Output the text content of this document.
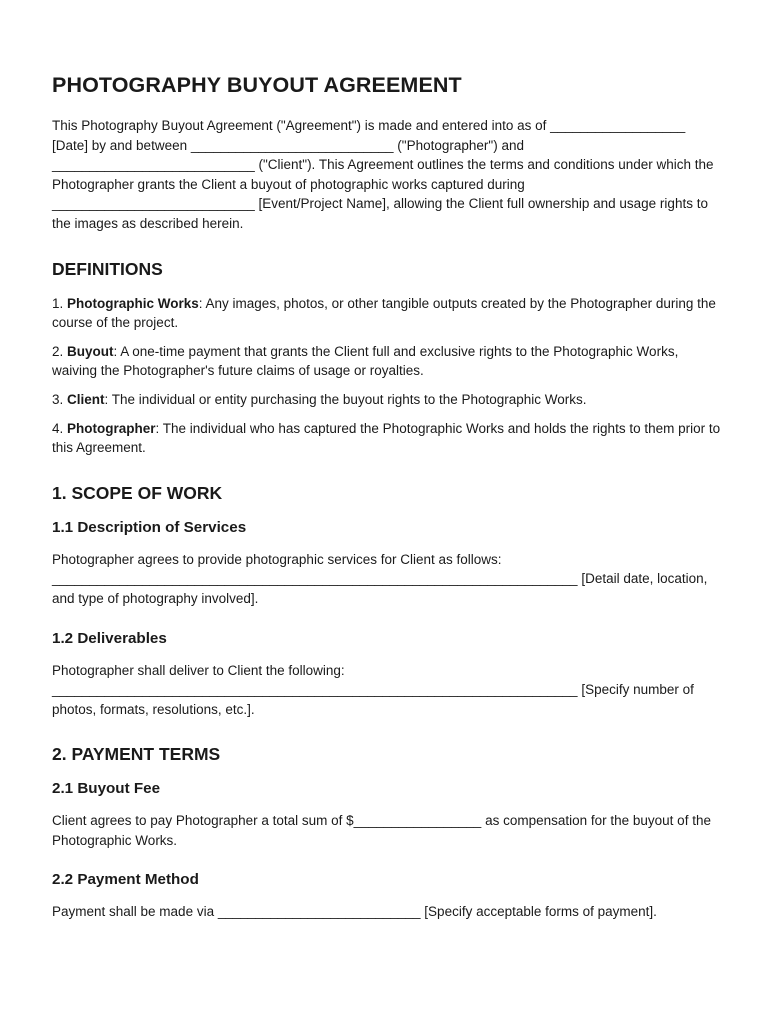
PHOTOGRAPHY BUYOUT AGREEMENT

This Photography Buyout Agreement ("Agreement") is made and entered into as of __________________ [Date] by and between ___________________________ ("Photographer") and ___________________________ ("Client"). This Agreement outlines the terms and conditions under which the Photographer grants the Client a buyout of photographic works captured during ___________________________ [Event/Project Name], allowing the Client full ownership and usage rights to the images as described herein.

DEFINITIONS

1. Photographic Works: Any images, photos, or other tangible outputs created by the Photographer during the course of the project.

2. Buyout: A one-time payment that grants the Client full and exclusive rights to the Photographic Works, waiving the Photographer's future claims of usage or royalties.

3. Client: The individual or entity purchasing the buyout rights to the Photographic Works.

4. Photographer: The individual who has captured the Photographic Works and holds the rights to them prior to this Agreement.

1. SCOPE OF WORK
1.1 Description of Services

Photographer agrees to provide photographic services for Client as follows: ______________________________________________________________________ [Detail date, location, and type of photography involved].

1.2 Deliverables

Photographer shall deliver to Client the following: ______________________________________________________________________ [Specify number of photos, formats, resolutions, etc.].

2. PAYMENT TERMS
2.1 Buyout Fee

Client agrees to pay Photographer a total sum of $_________________ as compensation for the buyout of the Photographic Works.

2.2 Payment Method

Payment shall be made via ___________________________ [Specify acceptable forms of payment].
